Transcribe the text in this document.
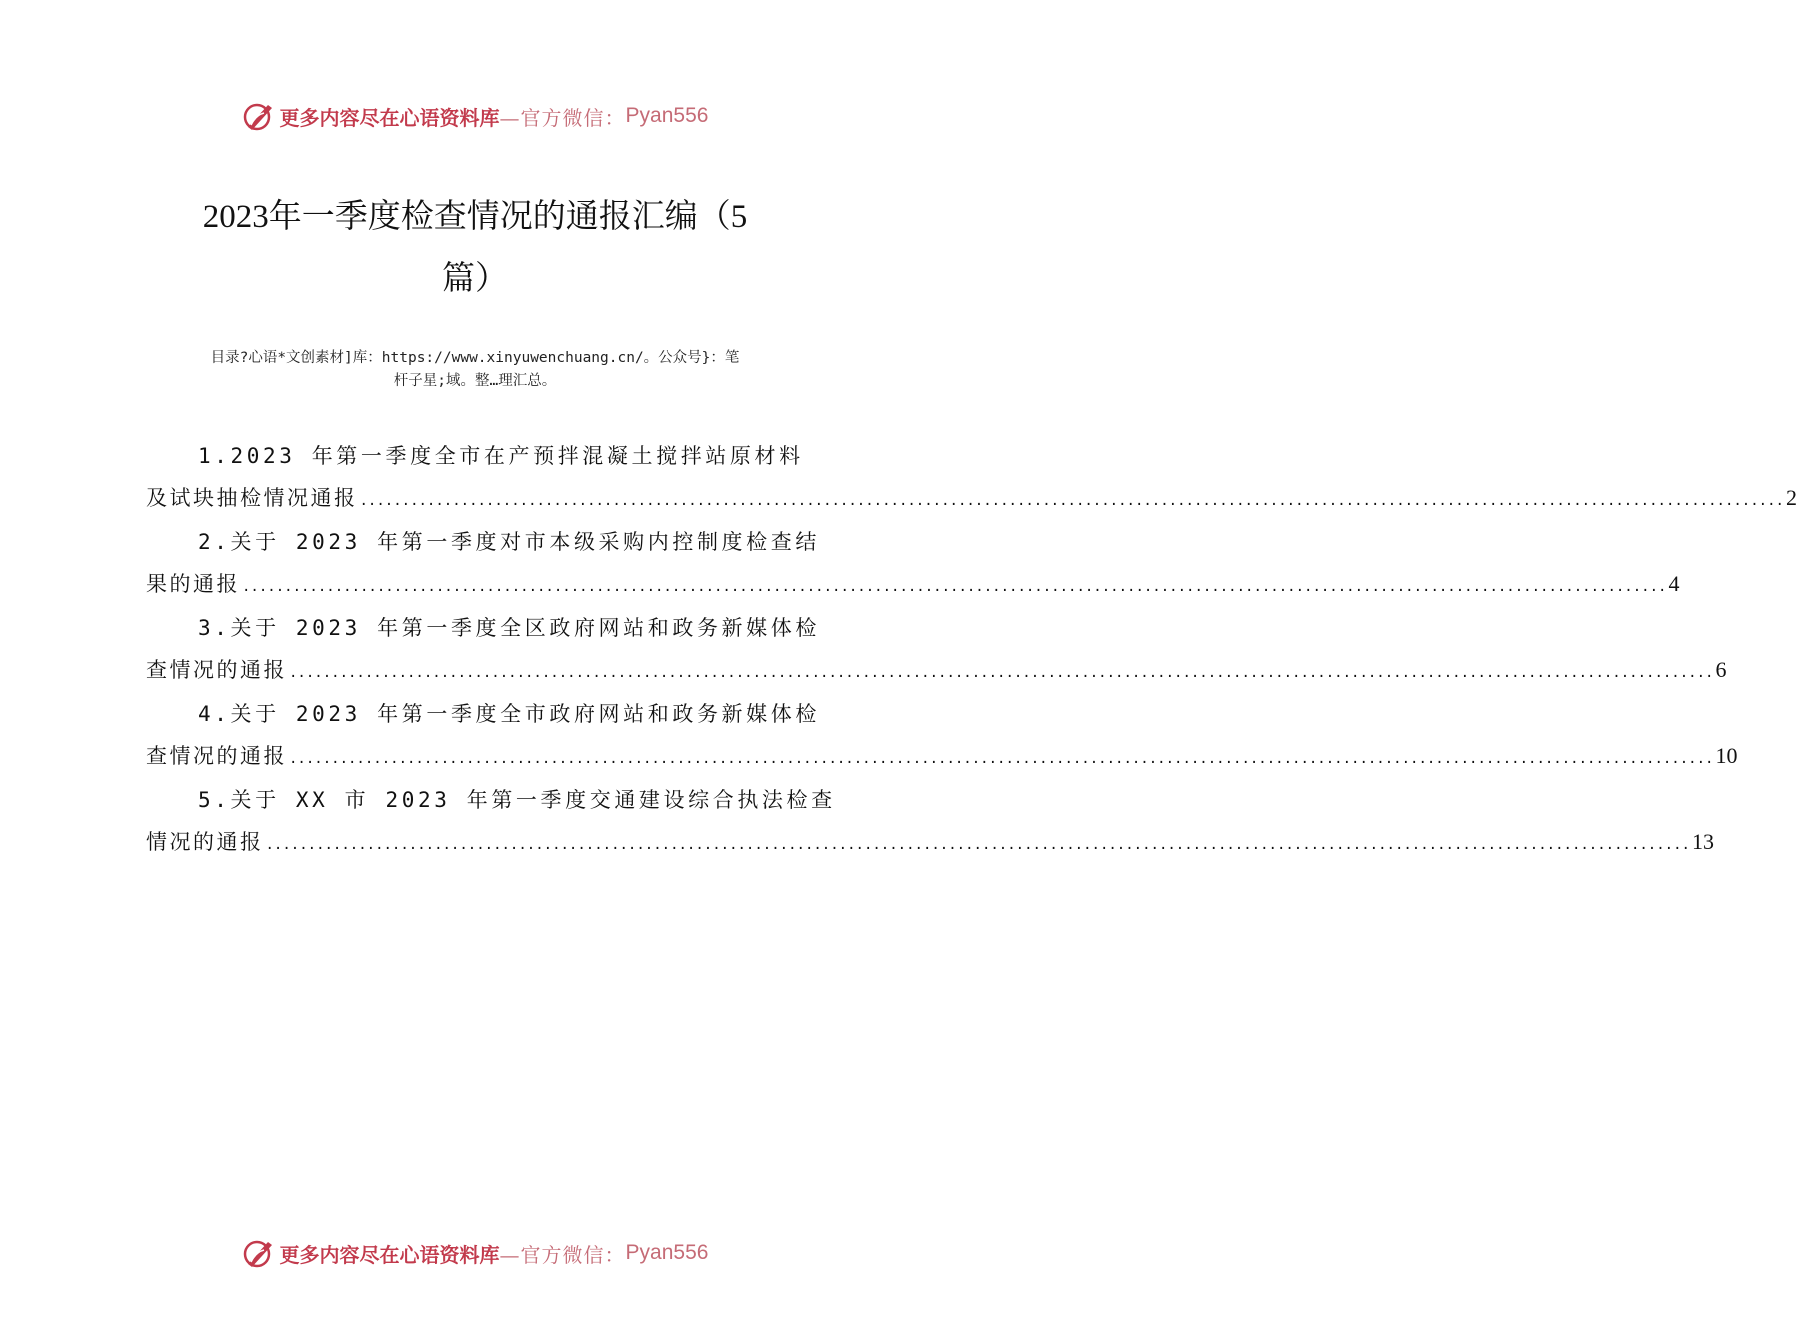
更多内容尽在心语资料库 —官方微信： Pyan556
2023年一季度检查情况的通报汇编（5
篇）
目录?心语*文创素材]库：https://www.xinyuwenchuang.cn/。公众号}：笔
杆子星;域。整…理汇总。
1.2023 年第一季度全市在产预拌混凝土搅拌站原材料
及试块抽检情况通报 ......................................................................................................................................................................... 2
2.关于 2023 年第一季度对市本级采购内控制度检查结
果的通报 ......................................................................................................................................................................... 4
3.关于 2023 年第一季度全区政府网站和政务新媒体检
查情况的通报 ......................................................................................................................................................................... 6
4.关于 2023 年第一季度全市政府网站和政务新媒体检
查情况的通报 ......................................................................................................................................................................... 10
5.关于 XX 市 2023 年第一季度交通建设综合执法检查
情况的通报 ......................................................................................................................................................................... 13
更多内容尽在心语资料库 —官方微信： Pyan556
